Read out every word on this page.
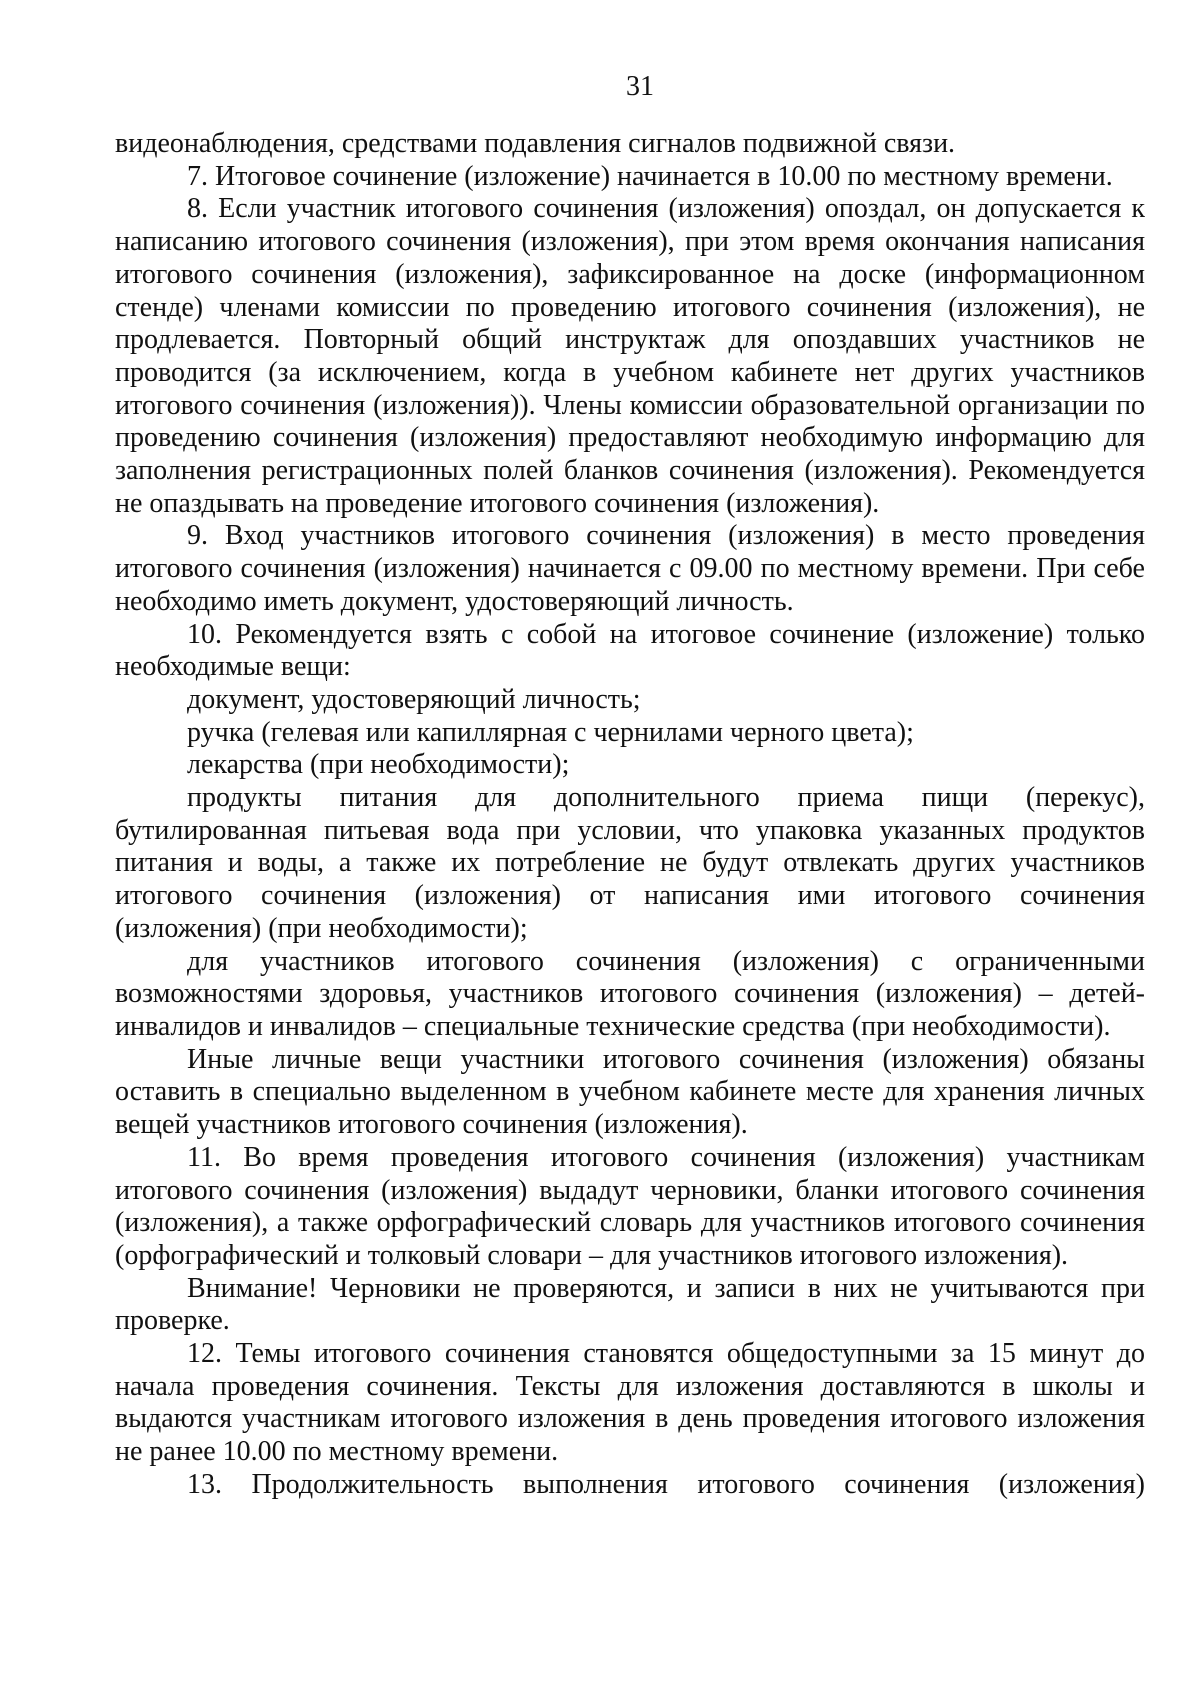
31

видеонаблюдения, средствами подавления сигналов подвижной связи.

7. Итоговое сочинение (изложение) начинается в 10.00 по местному времени.

8. Если участник итогового сочинения (изложения) опоздал, он допускается к написанию итогового сочинения (изложения), при этом время окончания написания итогового сочинения (изложения), зафиксированное на доске (информационном стенде) членами комиссии по проведению итогового сочинения (изложения), не продлевается. Повторный общий инструктаж для опоздавших участников не проводится (за исключением, когда в учебном кабинете нет других участников итогового сочинения (изложения)). Члены комиссии образовательной организации по проведению сочинения (изложения) предоставляют необходимую информацию для заполнения регистрационных полей бланков сочинения (изложения). Рекомендуется не опаздывать на проведение итогового сочинения (изложения).

9. Вход участников итогового сочинения (изложения) в место проведения итогового сочинения (изложения) начинается с 09.00 по местному времени. При себе необходимо иметь документ, удостоверяющий личность.

10. Рекомендуется взять с собой на итоговое сочинение (изложение) только необходимые вещи:

документ, удостоверяющий личность;

ручка (гелевая или капиллярная с чернилами черного цвета);

лекарства (при необходимости);

продукты питания для дополнительного приема пищи (перекус), бутилированная питьевая вода при условии, что упаковка указанных продуктов питания и воды, а также их потребление не будут отвлекать других участников итогового сочинения (изложения) от написания ими итогового сочинения (изложения) (при необходимости);

для участников итогового сочинения (изложения) с ограниченными возможностями здоровья, участников итогового сочинения (изложения) – детей-инвалидов и инвалидов – специальные технические средства (при необходимости).

Иные личные вещи участники итогового сочинения (изложения) обязаны оставить в специально выделенном в учебном кабинете месте для хранения личных вещей участников итогового сочинения (изложения).

11. Во время проведения итогового сочинения (изложения) участникам итогового сочинения (изложения) выдадут черновики, бланки итогового сочинения (изложения), а также орфографический словарь для участников итогового сочинения (орфографический и толковый словари – для участников итогового изложения).

Внимание! Черновики не проверяются, и записи в них не учитываются при проверке.

12. Темы итогового сочинения становятся общедоступными за 15 минут до начала проведения сочинения. Тексты для изложения доставляются в школы и выдаются участникам итогового изложения в день проведения итогового изложения не ранее 10.00 по местному времени.

13. Продолжительность выполнения итогового сочинения (изложения)
